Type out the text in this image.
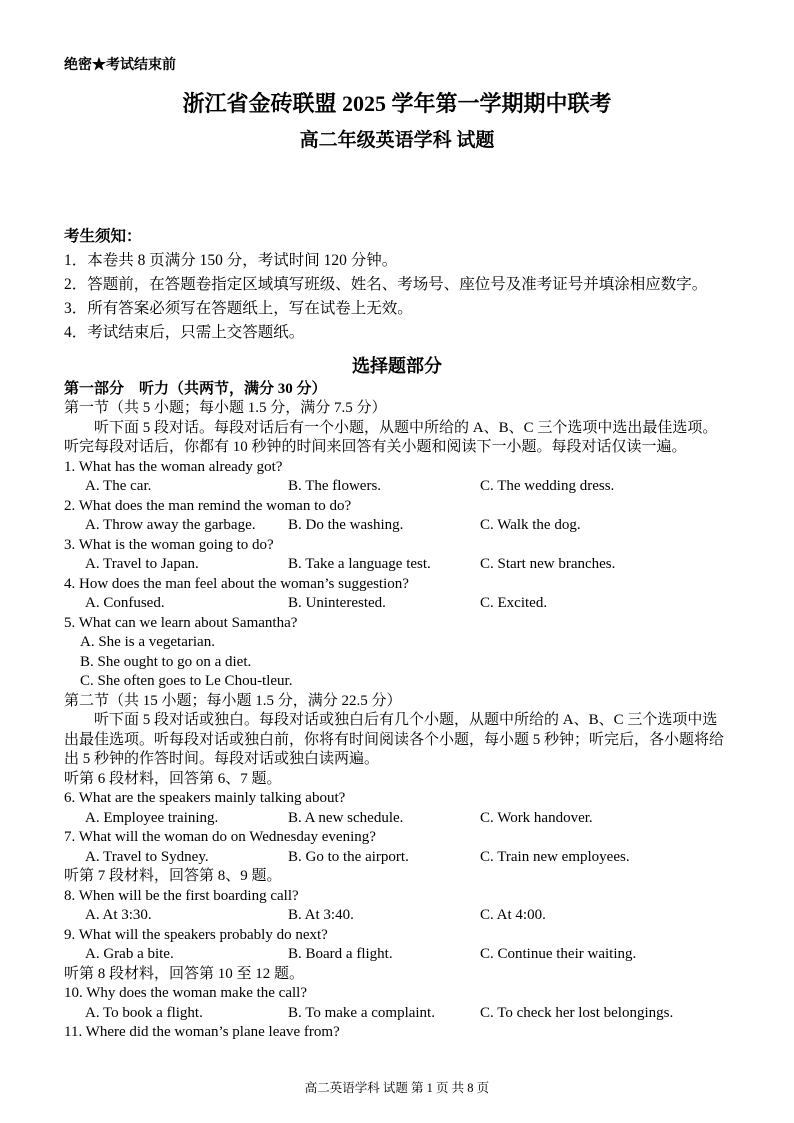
绝密★考试结束前
浙江省金砖联盟 2025 学年第一学期期中联考
高二年级英语学科 试题
考生须知：
1．本卷共 8 页满分 150 分，考试时间 120 分钟。
2．答题前，在答题卷指定区域填写班级、姓名、考场号、座位号及准考证号并填涂相应数字。
3．所有答案必须写在答题纸上，写在试卷上无效。
4．考试结束后，只需上交答题纸。
选择题部分
第一部分　听力（共两节，满分 30 分）
第一节（共 5 小题；每小题 1.5 分，满分 7.5 分）
听下面 5 段对话。每段对话后有一个小题，从题中所给的 A、B、C 三个选项中选出最佳选项。听完每段对话后，你都有 10 秒钟的时间来回答有关小题和阅读下一小题。每段对话仅读一遍。
1. What has the woman already got?
A. The car.	B. The flowers.	C. The wedding dress.
2. What does the man remind the woman to do?
A. Throw away the garbage.	B. Do the washing.	C. Walk the dog.
3. What is the woman going to do?
A. Travel to Japan.	B. Take a language test.	C. Start new branches.
4. How does the man feel about the woman’s suggestion?
A. Confused.	B. Uninterested.	C. Excited.
5. What can we learn about Samantha?
A. She is a vegetarian.
B. She ought to go on a diet.
C. She often goes to Le Chou-tleur.
第二节（共 15 小题；每小题 1.5 分，满分 22.5 分）
听下面 5 段对话或独白。每段对话或独白后有几个小题，从题中所给的 A、B、C 三个选项中选出最佳选项。听每段对话或独白前，你将有时间阅读各个小题，每小题 5 秒钟；听完后，各小题将给出 5 秒钟的作答时间。每段对话或独白读两遍。
听第 6 段材料，回答第 6、7 题。
6. What are the speakers mainly talking about?
A. Employee training.	B. A new schedule.	C. Work handover.
7. What will the woman do on Wednesday evening?
A. Travel to Sydney.	B. Go to the airport.	C. Train new employees.
听第 7 段材料，回答第 8、9 题。
8. When will be the first boarding call?
A. At 3:30.	B. At 3:40.	C. At 4:00.
9. What will the speakers probably do next?
A. Grab a bite.	B. Board a flight.	C. Continue their waiting.
听第 8 段材料，回答第 10 至 12 题。
10. Why does the woman make the call?
A. To book a flight.	B. To make a complaint.	C. To check her lost belongings.
11. Where did the woman’s plane leave from?
高二英语学科 试题 第 1 页 共 8 页
